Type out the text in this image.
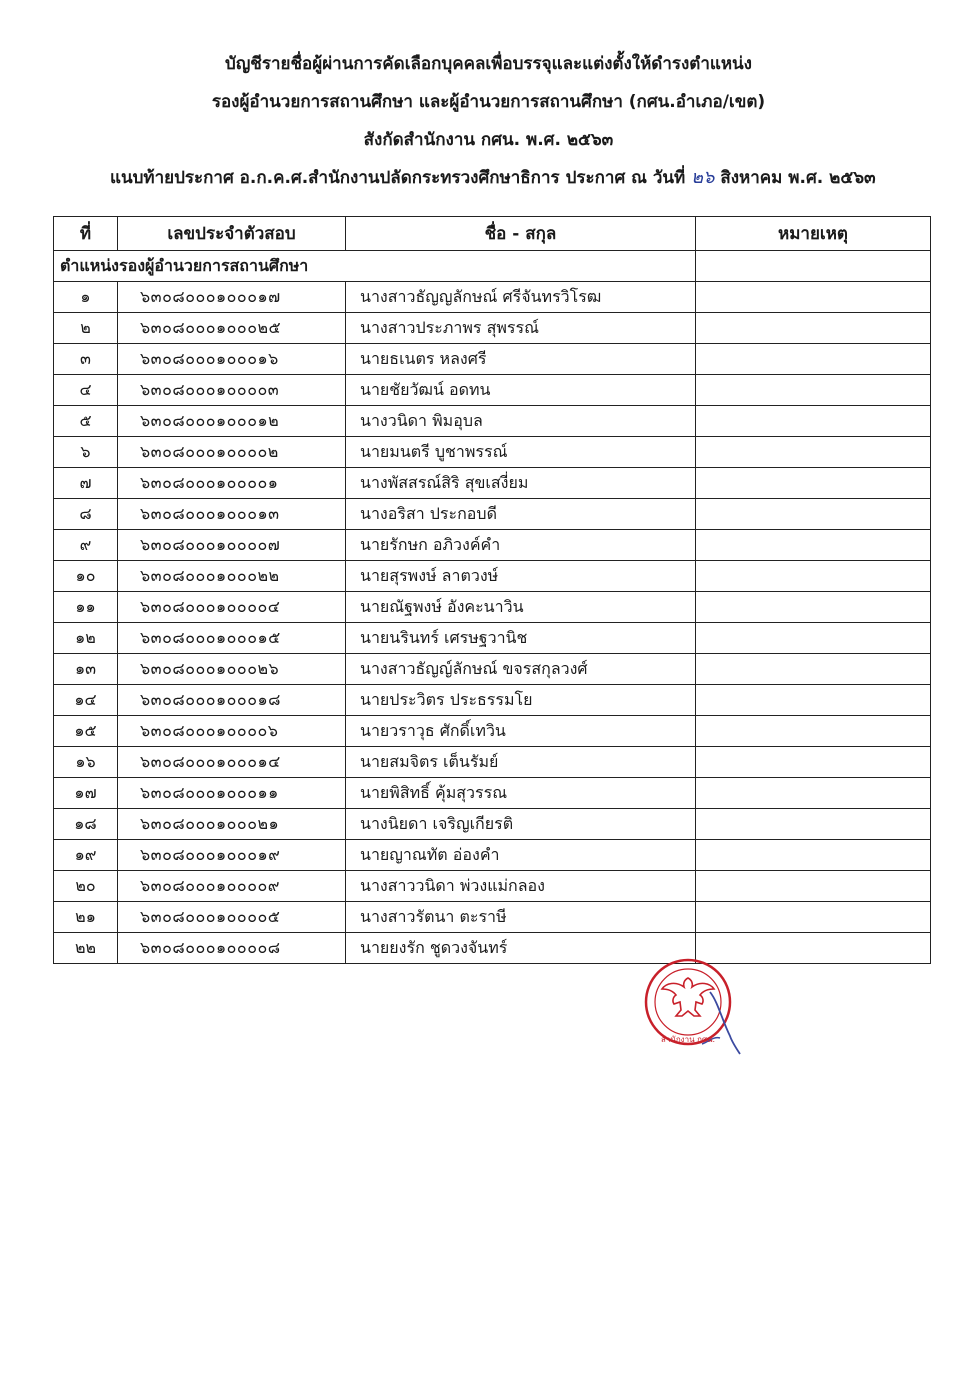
บัญชีรายชื่อผู้ผ่านการคัดเลือกบุคคลเพื่อบรรจุและแต่งตั้งให้ดำรงตำแหน่ง
รองผู้อำนวยการสถานศึกษา และผู้อำนวยการสถานศึกษา (กศน.อำเภอ/เขต)
สังกัดสำนักงาน กศน. พ.ศ. ๒๕๖๓
แนบท้ายประกาศ อ.ก.ค.ศ.สำนักงานปลัดกระทรวงศึกษาธิการ ประกาศ ณ วันที่ ๒๖ สิงหาคม พ.ศ. ๒๕๖๓
ที่	เลขประจำตัวสอบ	ชื่อ - สกุล	หมายเหตุ
ตำแหน่งรองผู้อำนวยการสถานศึกษา			
๑	๖๓๐๘๐๐๐๑๐๐๐๑๗	นางสาวธัญญลักษณ์ ศรีจันทรวิโรฒ	
๒	๖๓๐๘๐๐๐๑๐๐๐๒๕	นางสาวประภาพร สุพรรณ์	
๓	๖๓๐๘๐๐๐๑๐๐๐๑๖	นายธเนตร หลงศรี	
๔	๖๓๐๘๐๐๐๑๐๐๐๐๓	นายชัยวัฒน์ อดทน	
๕	๖๓๐๘๐๐๐๑๐๐๐๑๒	นางวนิดา พิมอุบล	
๖	๖๓๐๘๐๐๐๑๐๐๐๐๒	นายมนตรี บูชาพรรณ์	
๗	๖๓๐๘๐๐๐๑๐๐๐๐๑	นางพัสสรณ์สิริ สุขเสงี่ยม	
๘	๖๓๐๘๐๐๐๑๐๐๐๑๓	นางอริสา ประกอบดี	
๙	๖๓๐๘๐๐๐๑๐๐๐๐๗	นายรักษก อภิวงค์คำ	
๑๐	๖๓๐๘๐๐๐๑๐๐๐๒๒	นายสุรพงษ์ ลาตวงษ์	
๑๑	๖๓๐๘๐๐๐๑๐๐๐๐๔	นายณัฐพงษ์ อังคะนาวิน	
๑๒	๖๓๐๘๐๐๐๑๐๐๐๑๕	นายนรินทร์ เศรษฐวานิช	
๑๓	๖๓๐๘๐๐๐๑๐๐๐๒๖	นางสาวธัญญ์ลักษณ์ ขจรสกุลวงศ์	
๑๔	๖๓๐๘๐๐๐๑๐๐๐๑๘	นายประวิตร ประธรรมโย	
๑๕	๖๓๐๘๐๐๐๑๐๐๐๐๖	นายวราวุธ ศักดิ์เทวิน	
๑๖	๖๓๐๘๐๐๐๑๐๐๐๑๔	นายสมจิตร เต็นรัมย์	
๑๗	๖๓๐๘๐๐๐๑๐๐๐๑๑	นายพิสิทธิ์ คุ้มสุวรรณ	
๑๘	๖๓๐๘๐๐๐๑๐๐๐๒๑	นางนิยดา เจริญเกียรติ	
๑๙	๖๓๐๘๐๐๐๑๐๐๐๑๙	นายญาณทัต อ่องคำ	
๒๐	๖๓๐๘๐๐๐๑๐๐๐๐๙	นางสาววนิดา พ่วงแม่กลอง	
๒๑	๖๓๐๘๐๐๐๑๐๐๐๐๕	นางสาวรัตนา ตะราษี	
๒๒	๖๓๐๘๐๐๐๑๐๐๐๐๘	นายยงรัก ชูดวงจันทร์	
สำนักงาน กศน.
